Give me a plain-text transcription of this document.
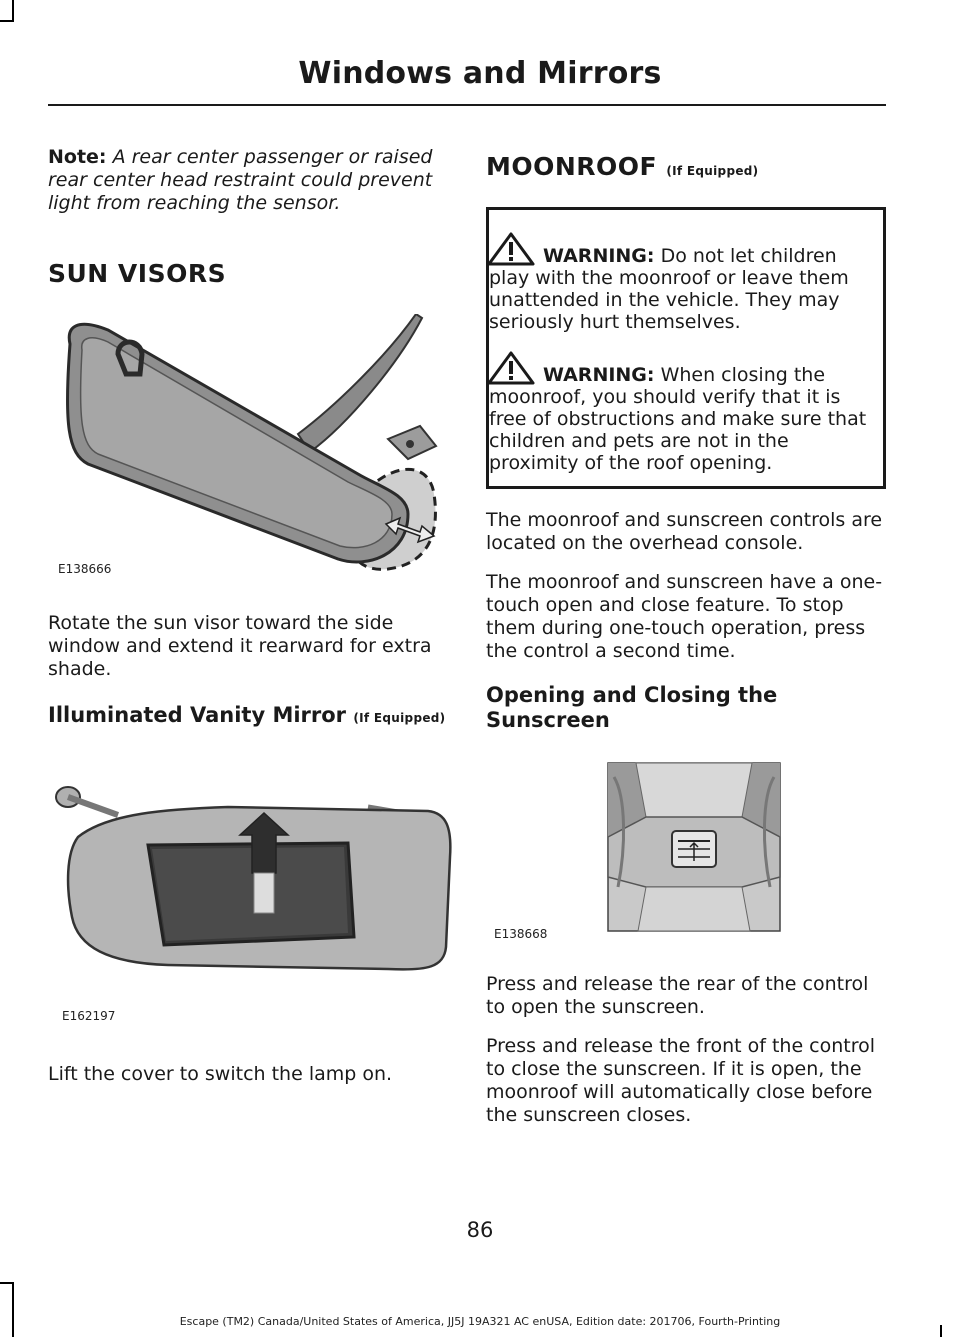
Windows and Mirrors

Note: A rear center passenger or raised rear center head restraint could prevent light from reaching the sensor.

SUN VISORS
E138666

Rotate the sun visor toward the side window and extend it rearward for extra shade.

Illuminated Vanity Mirror (If Equipped)
E162197

Lift the cover to switch the lamp on.

MOONROOF (If Equipped)

WARNING: Do not let children play with the moonroof or leave them unattended in the vehicle. They may seriously hurt themselves.

WARNING: When closing the moonroof, you should verify that it is free of obstructions and make sure that children and pets are not in the proximity of the roof opening.

The moonroof and sunscreen controls are located on the overhead console.

The moonroof and sunscreen have a one-touch open and close feature. To stop them during one-touch operation, press the control a second time.

Opening and Closing the Sunscreen
E138668

Press and release the rear of the control to open the sunscreen.

Press and release the front of the control to close the sunscreen. If it is open, the moonroof will automatically close before the sunscreen closes.

86
Escape (TM2) Canada/United States of America, JJ5J 19A321 AC enUSA, Edition date: 201706, Fourth-Printing
